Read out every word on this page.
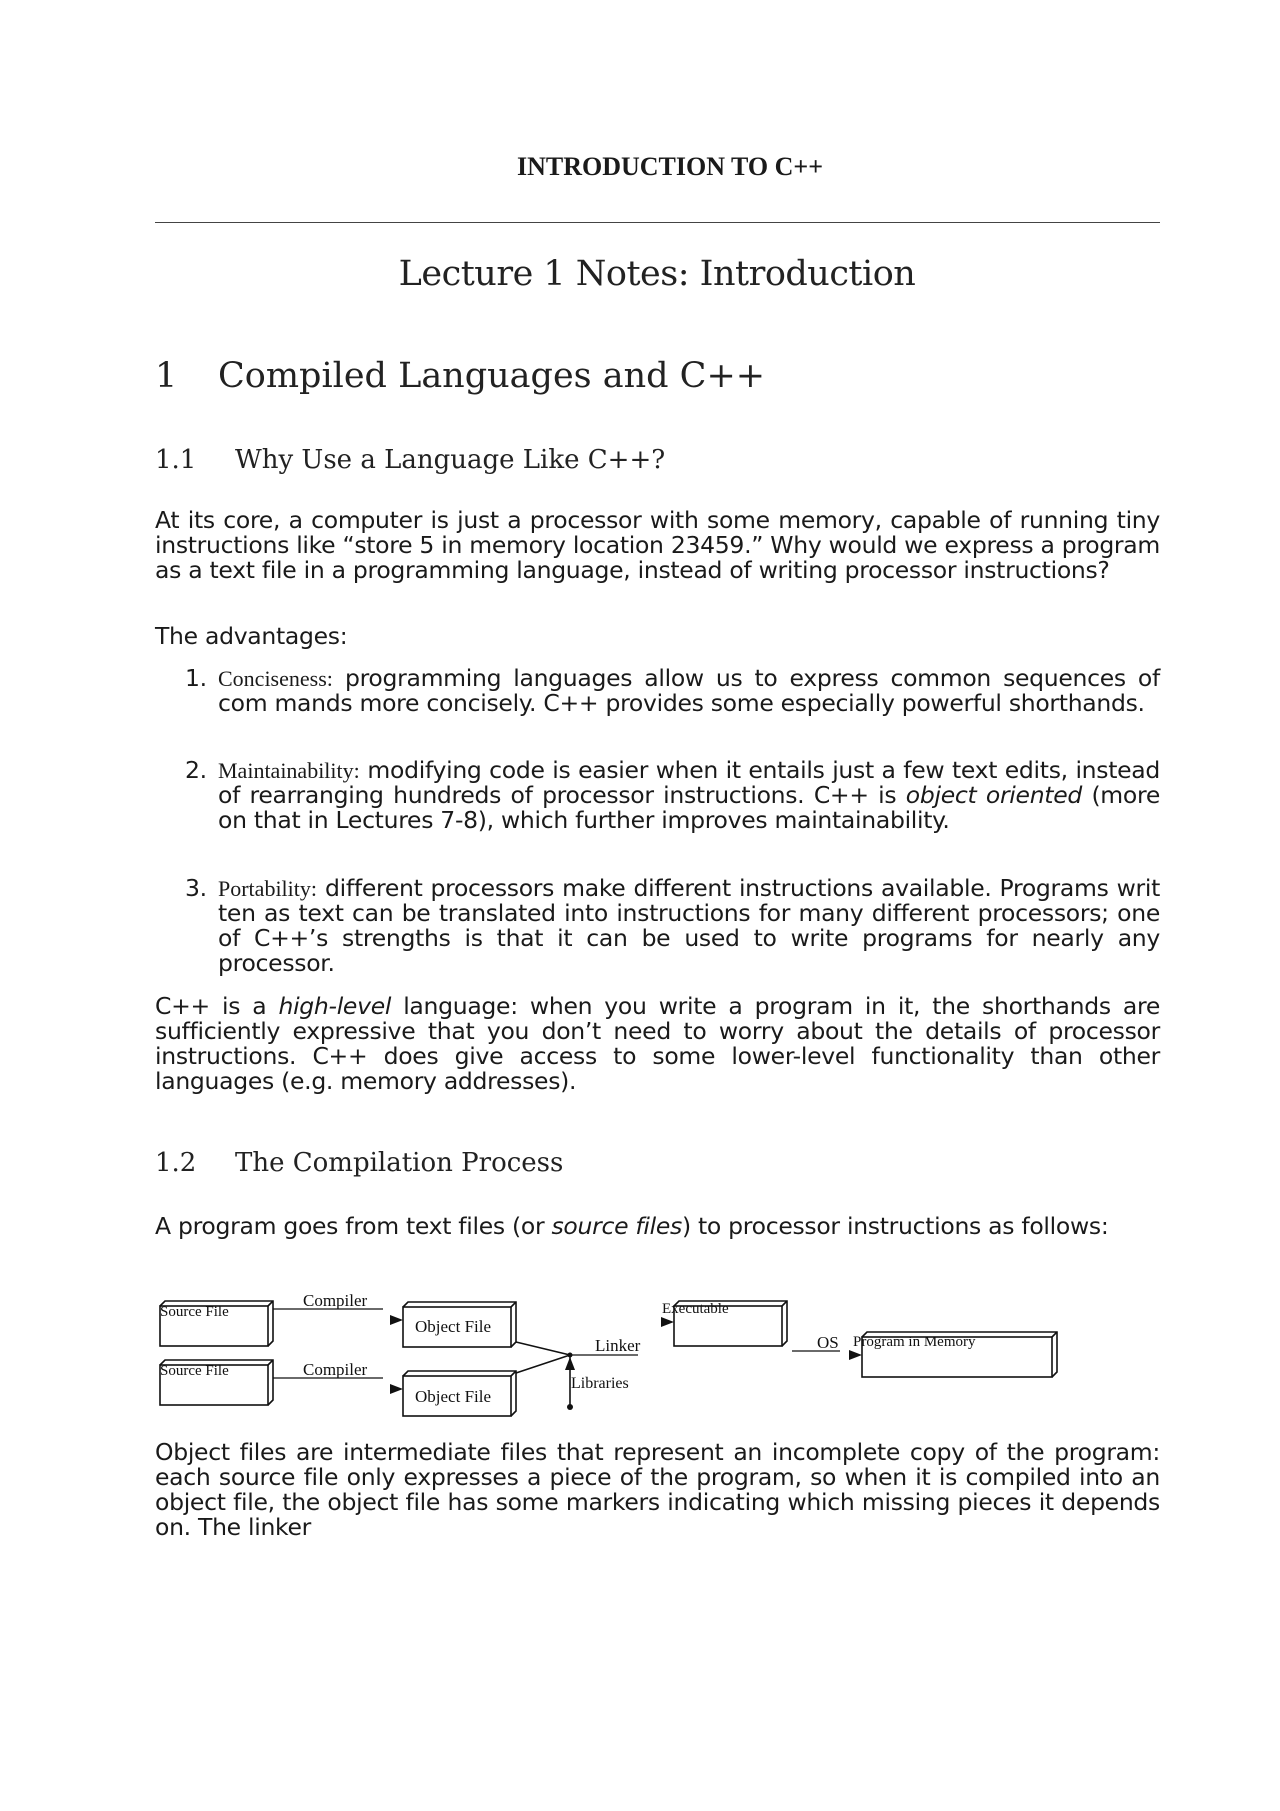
INTRODUCTION TO C++
Lecture 1 Notes: Introduction
1 Compiled Languages and C++
1.1 Why Use a Language Like C++?
At its core, a computer is just a processor with some memory, capable of running tiny instructions like “store 5 in memory location 23459.” Why would we express a program as a text file in a programming language, instead of writing processor instructions?
The advantages:
1. Conciseness: programming languages allow us to express common sequences of com mands more concisely. C++ provides some especially powerful shorthands.
2. Maintainability: modifying code is easier when it entails just a few text edits, instead of rearranging hundreds of processor instructions. C++ is object oriented (more on that in Lectures 7-8), which further improves maintainability.
3. Portability: different processors make different instructions available. Programs writ ten as text can be translated into instructions for many different processors; one of C++’s strengths is that it can be used to write programs for nearly any processor.
C++ is a high-level language: when you write a program in it, the shorthands are sufficiently expressive that you don’t need to worry about the details of processor instructions. C++ does give access to some lower-level functionality than other languages (e.g. memory addresses).
1.2 The Compilation Process
A program goes from text files (or source files) to processor instructions as follows:
Source File
Source File
Compiler
Compiler
Object File
Object File
Linker
Libraries
Executable
OS Program in Memory
Object files are intermediate files that represent an incomplete copy of the program: each source file only expresses a piece of the program, so when it is compiled into an object file, the object file has some markers indicating which missing pieces it depends on. The linker
